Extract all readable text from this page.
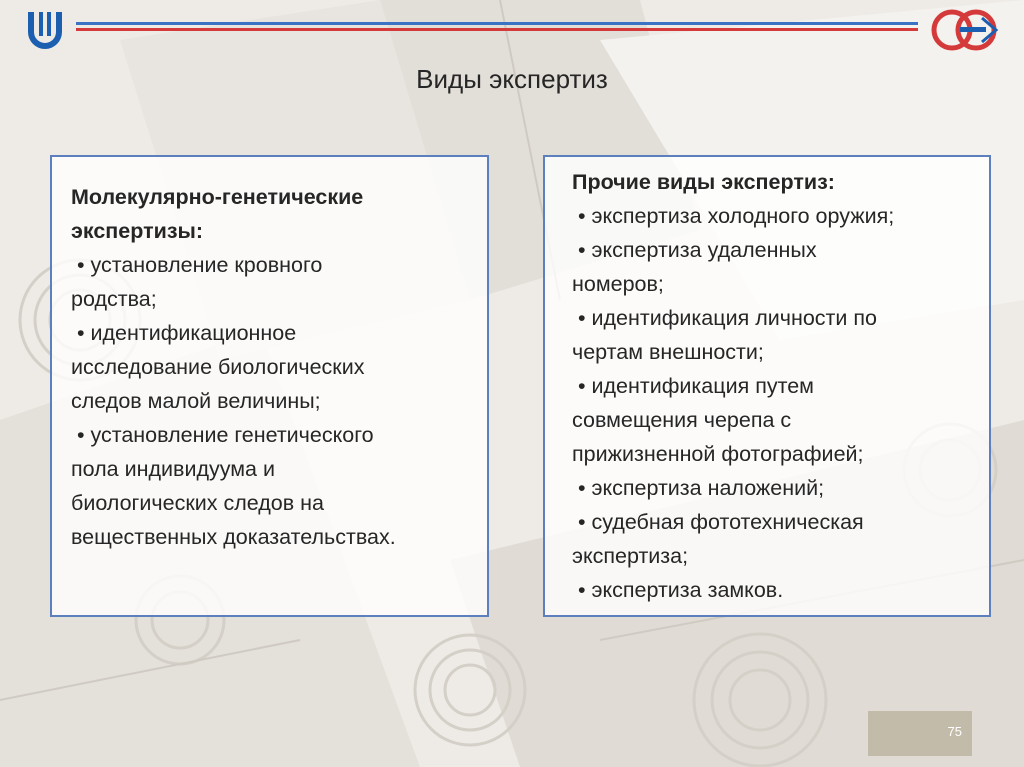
Виды экспертиз
Молекулярно-генетические
экспертизы:
• установление кровного
родства;
• идентификационное
исследование биологических
следов малой величины;
• установление генетического
пола индивидуума и
биологических следов на
вещественных доказательствах.
Прочие виды экспертиз:
• экспертиза холодного оружия;
• экспертиза удаленных
номеров;
• идентификация личности по
чертам внешности;
• идентификация путем
совмещения черепа с
прижизненной фотографией;
• экспертиза наложений;
• судебная фототехническая
экспертиза;
• экспертиза замков.
75
